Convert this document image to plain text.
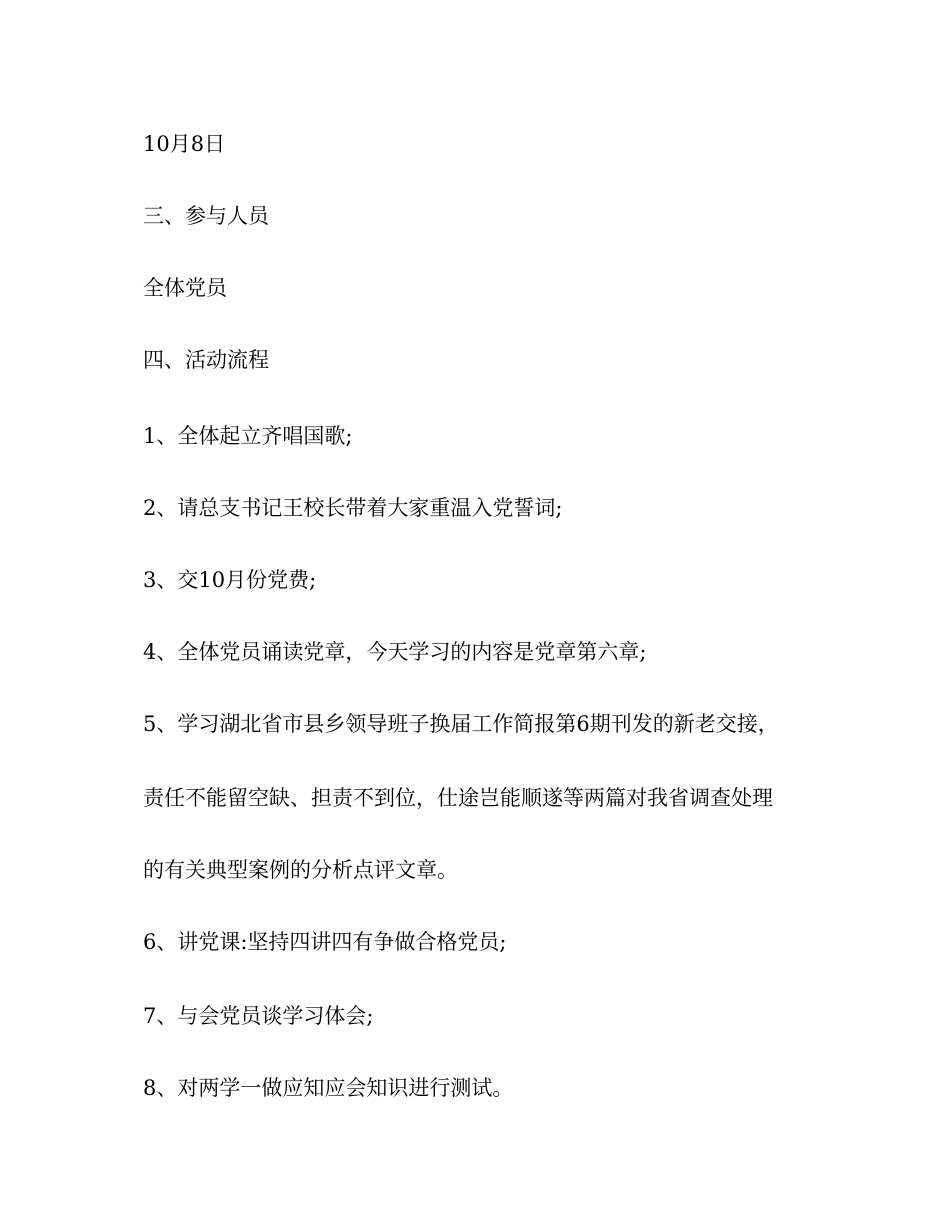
10月8日

三、参与人员

全体党员

四、活动流程

1、全体起立齐唱国歌;

2、请总支书记王校长带着大家重温入党誓词;

3、交10月份党费;

4、全体党员诵读党章，今天学习的内容是党章第六章;

5、学习湖北省市县乡领导班子换届工作简报第6期刊发的新老交接，

责任不能留空缺、担责不到位，仕途岂能顺遂等两篇对我省调查处理

的有关典型案例的分析点评文章。

6、讲党课:坚持四讲四有争做合格党员;

7、与会党员谈学习体会;

8、对两学一做应知应会知识进行测试。
